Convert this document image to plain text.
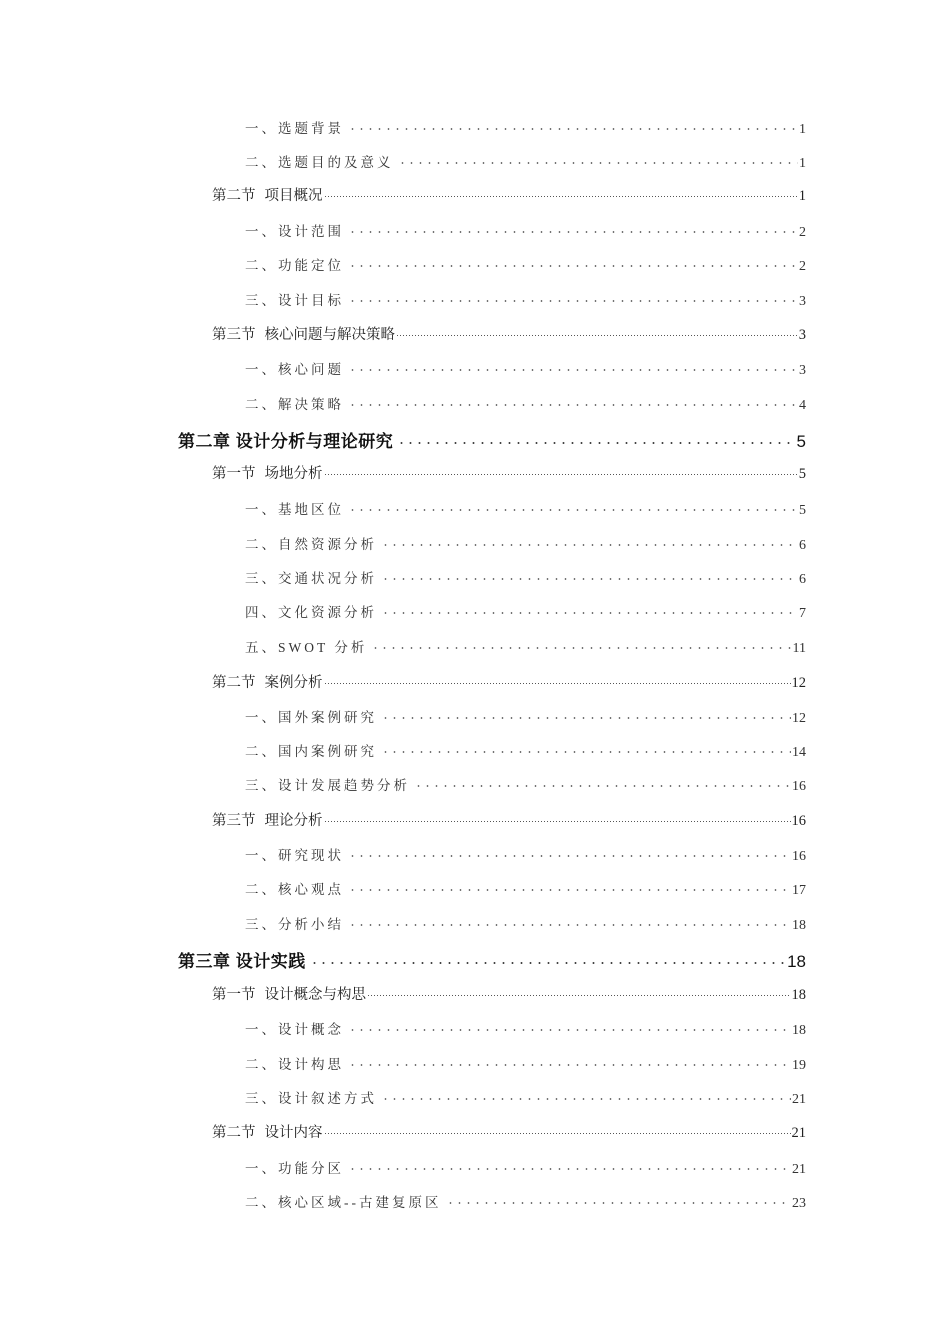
一、选题背景	1
二、选题目的及意义	1
第二节 项目概况	1
一、设计范围	2
二、功能定位	2
三、设计目标	3
第三节 核心问题与解决策略	3
一、核心问题	3
二、解决策略	4
第二章 设计分析与理论研究	5
第一节 场地分析	5
一、基地区位	5
二、自然资源分析	6
三、交通状况分析	6
四、文化资源分析	7
五、SWOT 分析	11
第二节 案例分析	12
一、国外案例研究	12
二、国内案例研究	14
三、设计发展趋势分析	16
第三节 理论分析	16
一、研究现状	16
二、核心观点	17
三、分析小结	18
第三章 设计实践	18
第一节 设计概念与构思	18
一、设计概念	18
二、设计构思	19
三、设计叙述方式	21
第二节 设计内容	21
一、功能分区	21
二、核心区域--古建复原区	23
